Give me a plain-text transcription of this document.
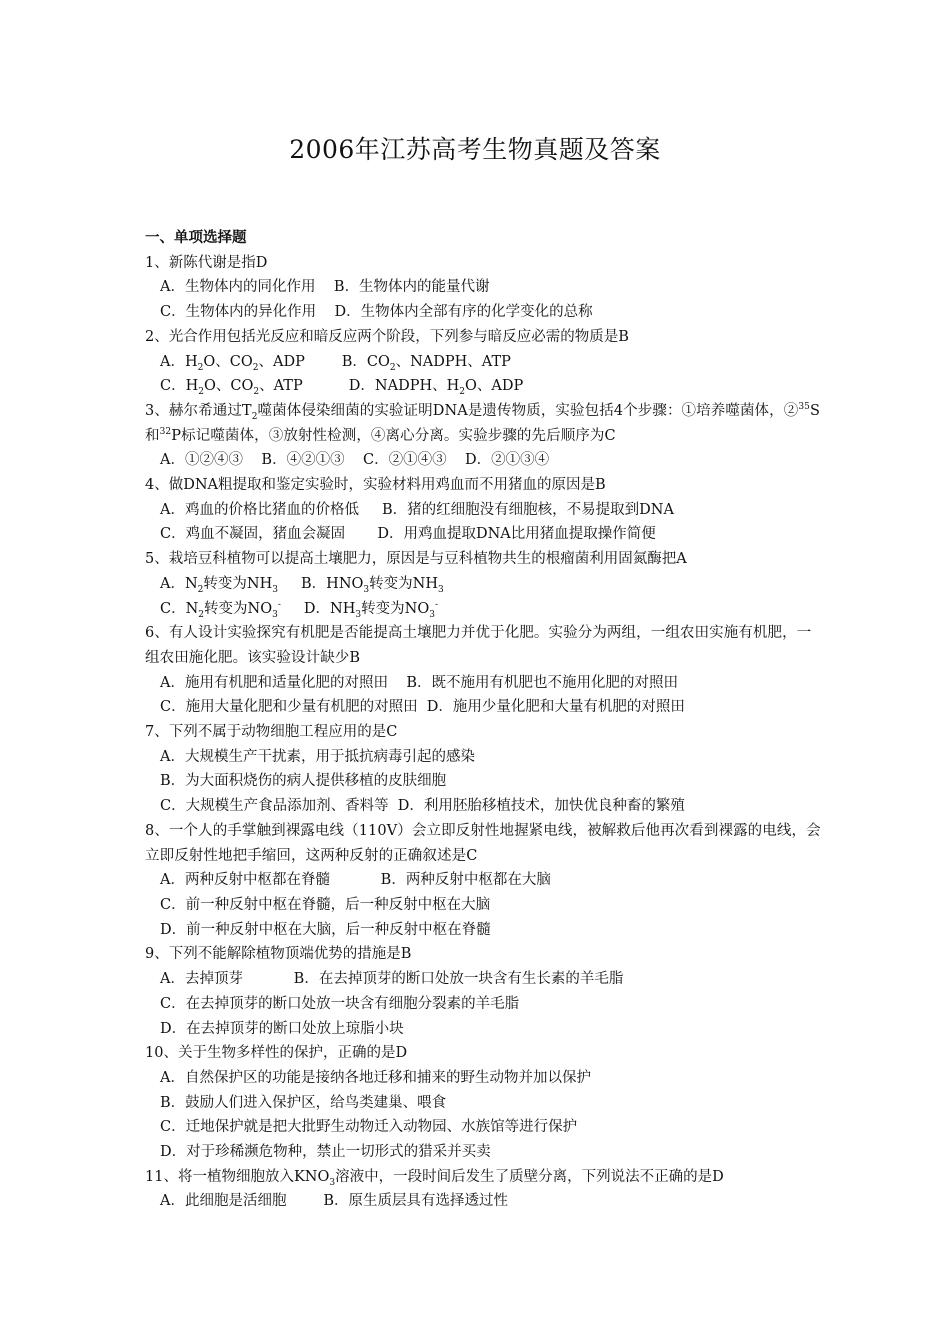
2006年江苏高考生物真题及答案
一、单项选择题
1、新陈代谢是指D
A．生物体内的同化作用    B．生物体内的能量代谢
C．生物体内的异化作用    D．生物体内全部有序的化学变化的总称
2、光合作用包括光反应和暗反应两个阶段，下列参与暗反应必需的物质是B
A．$H_2O$、$CO_2$、ADP        B．$CO_2$、NADPH、ATP
C．$H_2O$、$CO_2$、ATP          D．NADPH、$H_2O$、ADP
3、赫尔希通过$T_2$噬菌体侵染细菌的实验证明DNA是遗传物质，实验包括4个步骤：①培养噬菌体，②$^{35}$S和$^{32}$P标记噬菌体，③放射性检测，④离心分离。实验步骤的先后顺序为C
A．①②④③    B．④②①③    C．②①④③    D．②①③④
4、做DNA粗提取和鉴定实验时，实验材料用鸡血而不用猪血的原因是B
A．鸡血的价格比猪血的价格低     B．猪的红细胞没有细胞核，不易提取到DNA
C．鸡血不凝固，猪血会凝固       D．用鸡血提取DNA比用猪血提取操作简便
5、栽培豆科植物可以提高土壤肥力，原因是与豆科植物共生的根瘤菌利用固氮酶把A
A．$N_2$转变为$NH_3$     B．$HNO_3$转变为$NH_3$
C．$N_2$转变为$NO_3^-$     D．$NH_3$转变为$NO_3^-$
6、有人设计实验探究有机肥是否能提高土壤肥力并优于化肥。实验分为两组，一组农田实施有机肥，一组农田施化肥。该实验设计缺少B
A．施用有机肥和适量化肥的对照田    B．既不施用有机肥也不施用化肥的对照田
C．施用大量化肥和少量有机肥的对照田  D．施用少量化肥和大量有机肥的对照田
7、下列不属于动物细胞工程应用的是C
A．大规模生产干扰素，用于抵抗病毒引起的感染
B．为大面积烧伤的病人提供移植的皮肤细胞
C．大规模生产食品添加剂、香料等  D．利用胚胎移植技术，加快优良种畜的繁殖
8、一个人的手掌触到裸露电线（110V）会立即反射性地握紧电线，被解救后他再次看到裸露的电线，会立即反射性地把手缩回，这两种反射的正确叙述是C
A．两种反射中枢都在脊髓           B．两种反射中枢都在大脑
C．前一种反射中枢在脊髓，后一种反射中枢在大脑
D．前一种反射中枢在大脑，后一种反射中枢在脊髓
9、下列不能解除植物顶端优势的措施是B
A．去掉顶芽           B．在去掉顶芽的断口处放一块含有生长素的羊毛脂
C．在去掉顶芽的断口处放一块含有细胞分裂素的羊毛脂
D．在去掉顶芽的断口处放上琼脂小块
10、关于生物多样性的保护，正确的是D
A．自然保护区的功能是接纳各地迁移和捕来的野生动物并加以保护
B．鼓励人们进入保护区，给鸟类建巢、喂食
C．迁地保护就是把大批野生动物迁入动物园、水族馆等进行保护
D．对于珍稀濒危物种，禁止一切形式的猎采并买卖
11、将一植物细胞放入$KNO_3$溶液中，一段时间后发生了质壁分离，下列说法不正确的是D
A．此细胞是活细胞        B．原生质层具有选择透过性
